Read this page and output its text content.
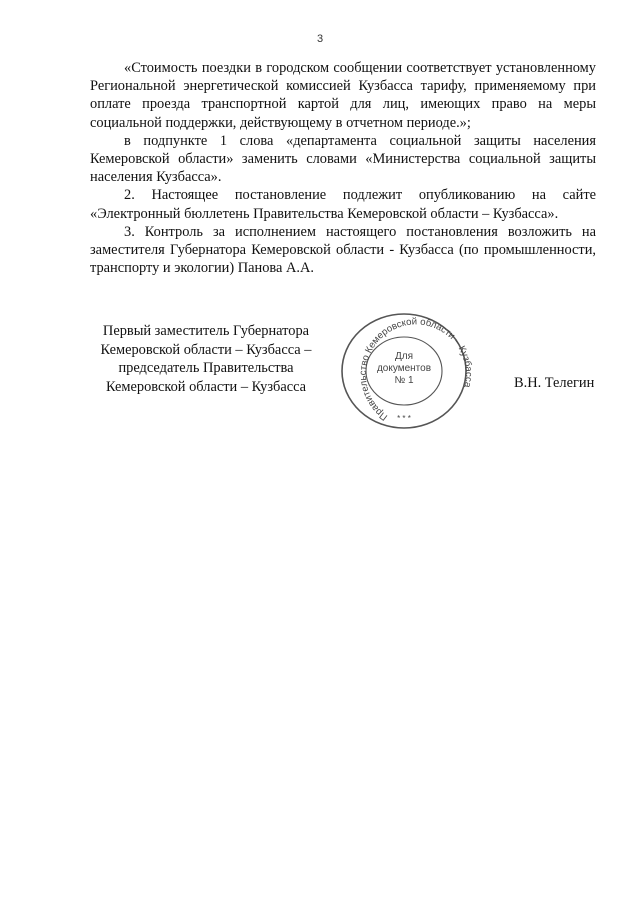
3

«Стоимость поездки в городском сообщении соответствует установленному Региональной энергетической комиссией Кузбасса тарифу, применяемому при оплате проезда транспортной картой для лиц, имеющих право на меры социальной поддержки, действующему в отчетном периоде.»;

в подпункте 1 слова «департамента социальной защиты населения Кемеровской области» заменить словами «Министерства социальной защиты населения Кузбасса».

2. Настоящее постановление подлежит опубликованию на сайте «Электронный бюллетень Правительства Кемеровской области – Кузбасса».

3. Контроль за исполнением настоящего постановления возложить на заместителя Губернатора Кемеровской области - Кузбасса (по промышленности, транспорту и экологии) Панова А.А.

Первый заместитель Губернатора
Кемеровской области – Кузбасса –
председатель Правительства
Кемеровской области – Кузбасса
Правительство Кемеровской области – Кузбасса
Для
документов
№ 1
* * *
В.Н. Телегин
